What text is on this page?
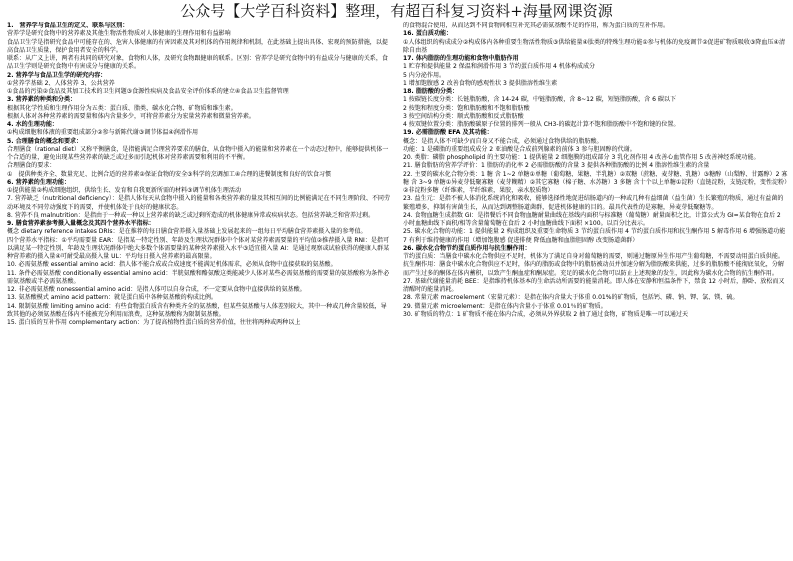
公众号【大学百科资料】整理，有超百科复习资料+海量网课资源

1.　营养学与食品卫生的定义、联系与区别：

营养学是研究食物中的营养素及其他生物活性物质对人体健康的生理作用和有益影响

食品卫生学是指研究食品中可能存在的、危害人体健康的有害因素及其对机体的作用规律和机制，在此基础上提出具体、宏观的预防措施，以提高食品卫生质量，保护食用者安全的科学。

联系：从广义上讲，两者有共同的研究对象，食物和人体，及研究食物跟健康的联系。区别：营养学是研究食物中的有益成分与健康的关系，食品卫生学则是研究食物中有害成分与健康的关系。

2. 营养学与食品卫生学的研究内容：

①营养学基础 2、人体营养 3、公共营养

①食品的污染②食品及其加工技术的卫生问题③食源性疾病及食品安全评价体系的建立④食品卫生监督管理

3. 营养素的种类和分类：

根据其化学性质和生理作用分为五类：蛋白质、脂类、碳水化合物、矿物质和维生素。

根据人体对各种营养素的需要量和体内含量多少，可将营养素分为宏量营养素和微量营养素。

4. 水的生理功能：

①构成细胞和体液的重要组成部分②参与新陈代谢③调节体温④润滑作用

5. 合理膳食的概念和要求：

合理膳食（rational diet）又称平衡膳食，是指能满足合理营养要求的膳食，从食物中摄入的能量和营养素在一个动态过程中，能够提供机体一个合适的量，避免出现某些营养素的缺乏或过多而引起机体对营养素需要和利用的不平衡。

合理膳食的要求：

①　提供种类齐全、数量充足、比例合适的营养素②保证食物的安全③科学的烹调加工④合理的进餐制度和良好的饮食习惯

6. 营养素的生理功能：

①提供能量②构成细胞组织，供给生长、发育和自我更新所需的材料③调节机体生理活动

7. 营养缺乏（nutritional deficiency）：是指人体每天从食物中摄入的能量和各类营养素的量及其相互间的比例能满足在不同生理阶段、不同劳动环境及不同劳动强度下的需要，并使机体处于良好的健康状态。

8. 营养不良 malnutrition：是指由于一种或一种以上营养素的缺乏或过剩所造成的机体健康异常或疾病状态。包括营养缺乏和营养过剩。

9. 膳食营养素参考摄入量概念及其四个营养水平指标：

概念 dietary reference intakes DRIs：是在推荐的每日膳食营养摄入量基础上发展起来的一组每日平均膳食营养素摄入量的参考值。

四个营养水平指标：①平均需要量 EAR：是指某一特定性别、年龄及生理状况群体中个体对某营养素需要量的平均值②推荐摄入量 RNI：是指可以满足某一特定性别、年龄及生理状况群体中绝大多数个体需要量的某种营养素摄入水平③适宜摄入量 AI：是通过观察或试验获得的健康人群某种营养素的摄入量④可耐受最高摄入量 UL：平均每日摄入营养素的最高限量。

10. 必需氨基酸 essential amino acid：指人体不能合成或合成速度不能满足机体需求，必须从食物中直接获取的氨基酸。

11. 条件必需氨基酸 conditionally essential amino acid：半胱氨酸和酪氨酸这类能减少人体对某些必需氨基酸的需要量的氨基酸称为条件必需氨基酸或半必需氨基酸。

12. 非必需氨基酸 nonessential amino acid：是指人体可以自身合成，不一定要从食物中直接供给的氨基酸。

13. 氨基酸模式 amino acid pattern：就是蛋白质中各种氨基酸的构成比例。

14. 限制氨基酸 limiting amino acid：有些食物蛋白质含有种类齐全的氨基酸，但某些氨基酸与人体差别较大，其中一种或几种含量较低，导致其他的必须氨基酸在体内不能被充分利用而浪费，这种氨基酸称为限制氨基酸。

15. 蛋白质的互补作用 complementary action：为了提高植物性蛋白质的营养价值，往往将两种或两种以上

的食物混合使用，从而达到不同食物间相互补充其必需氨基酸不足的作用，称为蛋白质的互补作用。

16. 蛋白质功能：

①人体组织的构成成分②构成体内各种重要生物活性物质③供给能量④肽类的特殊生理功能①参与机体的免疫调节②促进矿物质吸收③降血压④清除自由基

17. 体内脂肪的生理功能和食物中脂肪作用

1 贮存和提供能量 2 保温和润滑作用 3 节约蛋白质作用 4 机体构成成分

5 内分泌作用。

1 增加饱腹感 2 改善食物的感观性状 3 提供脂溶性维生素

18. 脂肪酸的分类：

1 按碳链长度分类：长链脂肪酸，含 14-24 碳，中链脂肪酸，含 8~12 碳，短链脂肪酸，含 6 碳以下

2 按饱和程度分类：饱和脂肪酸和不饱和脂肪酸

3 按空间结构分类：顺式脂肪酸和反式脂肪酸

4 按双键位置分类：脂肪酸碳原子位置的排列一般从 CH3-的碳起计算不饱和脂肪酸中不饱和键的位置。

19. 必需脂肪酸 EFA 及其功能：

概念：是指人体不可缺少而自身又不能合成，必须通过食物供给的脂肪酸。

功能：1 是磷脂的重要组成成分 2 亚油酸是合成前列腺素的前体 3 参与胆固醇的代谢。

20. 类脂：磷脂 phospholipid 的主要功能：1 提供能量 2 细胞膜的组成部分 3 乳化剂作用 4 改善心血管作用 5 改善神经系统功能。

21. 膳食脂肪的营养学评价：1 脂肪的消化率 2 必需脂肪酸的含量 3 提供各种脂肪酸的比例 4 脂溶性维生素的含量

22. 主要的碳水化合物分类：1 糖 含 1~2 单糖①单糖（葡萄糖、果糖、半乳糖）②双糖（蔗糖、麦芽糖、乳糖）③糖醇（山梨醇、甘露醇）2 寡糖 含 3~9 单糖①异麦芽低聚寡糖（麦芽糊精）②其它寡糖（棉子糖、水苏糖）3 多糖 含十个以上单糖①淀粉（直链淀粉，支链淀粉，变性淀粉）②非淀粉多糖（纤维素，半纤维素，果胶，亲水胶质物）

23. 益生元：是指不被人体消化系统消化和吸收，能够选择性地促进结肠道内的一种或几种有益细菌（益生菌）生长繁殖的物质，通过有益菌的繁殖增多，抑制有害菌生长，从而达到调整肠道菌群，促进机体健康的目的。最具代表性的是寡糖，异麦芽低聚糖等。

24. 食物血糖生成指数 GI：是指餐后不同食物血糖耐量曲线在基线内面积与标准糖（葡萄糖）耐量面积之比，计算公式为 GI=某食物在食后 2 小时血糖曲线下面积/相等含量葡萄糖在食后 2 小时血糖曲线下面积 ×100。以百分比表示。

25. 碳水化合物的功能：1 提供能量 2 构成组织及重要生命物质 3 节约蛋白质作用 4 节约蛋白质作用和抗生酮作用 5 解毒作用 6 增强肠道功能 7 有利于维持健康的作用（增加饱腹感 促进排便 降低血糖和血脂胆固醇 改变肠道菌群）

26. 碳水化合物节约蛋白质作用与抗生酮作用：

节约蛋白质：当膳食中碳水化合物供应不足时，机体为了满足自身对葡萄糖的需要，则通过糖原异生作用产生葡萄糖，不需要动用蛋白质供能。

抗生酮作用：膳食中碳水化合物供应不足时，体内的脂肪或食物中的脂肪被动员并加速分解为脂肪酸来供能，过多的脂肪酸不能彻底氧化，分解而产生过多的酮体在体内蓄积，以致产生酮血症和酮尿症。充足的碳水化合物可以防止上述现象的发生，因此称为碳水化合物的抗生酮作用。

27. 基础代谢能量消耗 BEE：是指维持机体基本的生命活动所需要的能量消耗。即人体在安静和恒温条件下，禁食 12 小时后，静卧、放松而又清醒时的能量消耗。

28. 常量元素 macroelement（宏量元素）：是指在体内含量大于体重 0.01%的矿物质，包括钙、磷、钠、钾、氯、镁、硫。

29. 微量元素 microelement：是指在体内含量小于体重 0.01％的矿物质。

30. 矿物质的特点：1 矿物质不能在体内合成，必须从外界获取 2 抽了通过食物，矿物质是唯一可以通过天
